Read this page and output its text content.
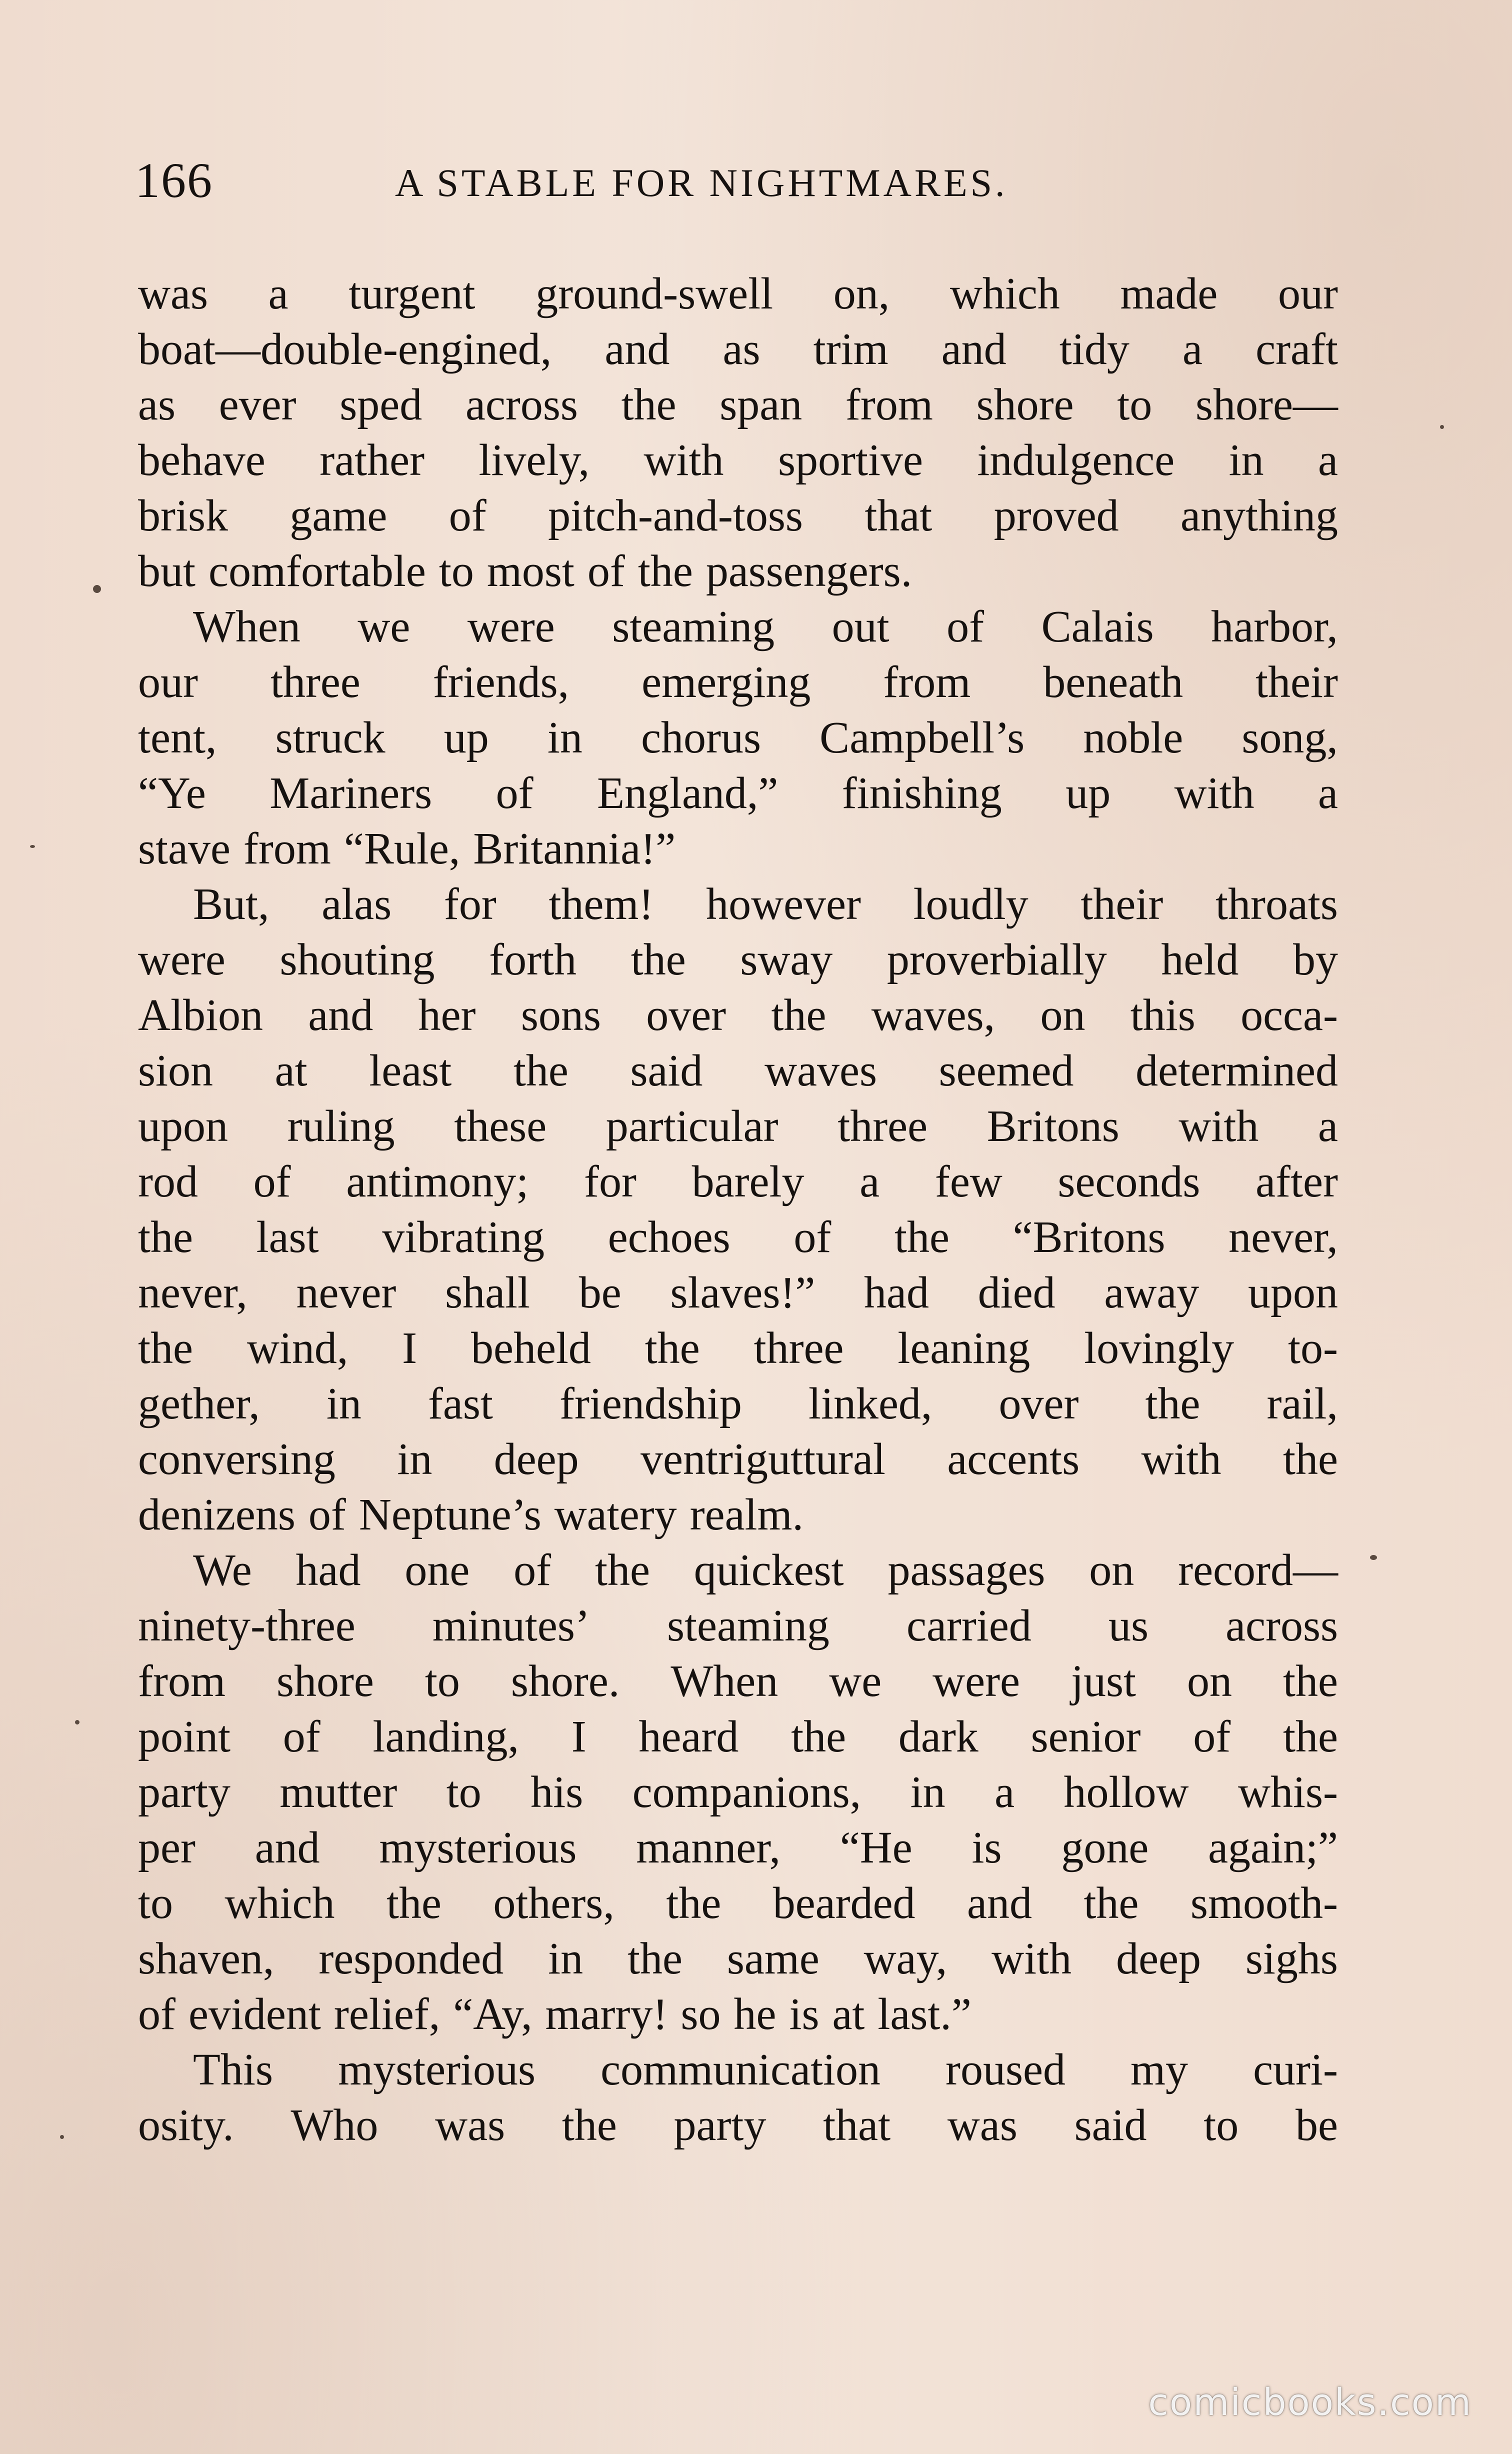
166	A STABLE FOR NIGHTMARES.
was a turgent ground-swell on, which made our
boat—double-engined, and as trim and tidy a craft
as ever sped across the span from shore to shore—
behave rather lively, with sportive indulgence in a
brisk game of pitch-and-toss that proved anything
but comfortable to most of the passengers.
When we were steaming out of Calais harbor,
our three friends, emerging from beneath their
tent, struck up in chorus Campbell’s noble song,
“Ye Mariners of England,” finishing up with a
stave from “Rule, Britannia!”
But, alas for them! however loudly their throats
were shouting forth the sway proverbially held by
Albion and her sons over the waves, on this occa-
sion at least the said waves seemed determined
upon ruling these particular three Britons with a
rod of antimony; for barely a few seconds after
the last vibrating echoes of the “Britons never,
never, never shall be slaves!” had died away upon
the wind, I beheld the three leaning lovingly to-
gether, in fast friendship linked, over the rail,
conversing in deep ventriguttural accents with the
denizens of Neptune’s watery realm.
We had one of the quickest passages on record—
ninety-three minutes’ steaming carried us across
from shore to shore. When we were just on the
point of landing, I heard the dark senior of the
party mutter to his companions, in a hollow whis-
per and mysterious manner, “He is gone again;”
to which the others, the bearded and the smooth-
shaven, responded in the same way, with deep sighs
of evident relief, “Ay, marry! so he is at last.”
This mysterious communication roused my curi-
osity. Who was the party that was said to be
comicbooks.com
